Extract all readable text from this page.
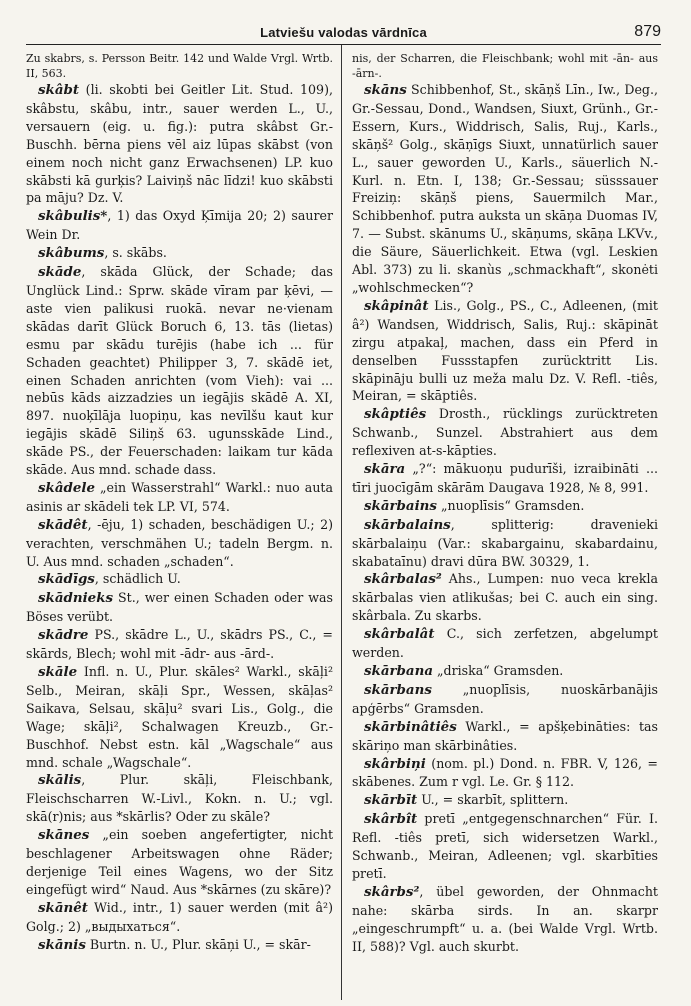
Latviešu valodas vārdnīca	879

Zu skabrs, s. Persson Beitr. 142 und Walde Vrgl. Wrtb. II, 563.

skâbt (li. skobti bei Geitler Lit. Stud. 109), skâbstu, skâbu, intr., sauer werden L., U., versauern (eig. u. fig.): putra skâbst Gr.-Buschh. bērna piens vēl aiz lūpas skābst (von einem noch nicht ganz Erwachsenen) LP. kuo skābsti kā gurķis? Laiviņš nāc līdzi! kuo skābsti pa māju? Dz. V.

skâbulis*, 1) das Oxyd Ķīmija 20; 2) saurer Wein Dr.

skâbums, s. skābs.

skāde, skāda Glück, der Schade; das Unglück Lind.: Sprw. skāde vīram par ķēvi, — aste vien palikusi ruokā. nevar ne·vienam skādas darīt Glück Boruch 6, 13. tās (lietas) esmu par skādu turējis (habe ich ... für Schaden geachtet) Philipper 3, 7. skādē iet, einen Schaden anrichten (vom Vieh): vai ... nebūs kāds aizzadzies un iegājis skādē A. XI, 897. nuoķīlāja luopiņu, kas nevīlšu kaut kur iegājis skādē Siliņš 63. ugunsskāde Lind., skāde PS., der Feuerschaden: laikam tur kāda skāde. Aus mnd. schade dass.

skâdele „ein Wasserstrahl“ Warkl.: nuo auta asinis ar skādeli tek LP. VI, 574.

skādêt, -ēju, 1) schaden, beschädigen U.; 2) verachten, verschmähen U.; tadeln Bergm. n. U. Aus mnd. schaden „schaden“.

skādīgs, schädlich U.

skādnieks St., wer einen Schaden oder was Böses verübt.

skādre PS., skādre L., U., skādrs PS., C., = skārds, Blech; wohl mit -ādr- aus -ārd-.

skāle Infl. n. U., Plur. skāles² Warkl., skāļi² Selb., Meiran, skāļi Spr., Wessen, skāļas² Saikava, Selsau, skāļu² svari Lis., Golg., die Wage; skāļi², Schalwagen Kreuzb., Gr.-Buschhof. Nebst estn. kāl „Wagschale“ aus mnd. schale „Wagschale“.

skālis, Plur. skāļi, Fleischbank, Fleischscharren W.-Livl., Kokn. n. U.; vgl. skā(r)nis; aus *skārlis? Oder zu skāle?

skānes „ein soeben angefertigter, nicht beschlagener Arbeitswagen ohne Räder; derjenige Teil eines Wagens, wo der Sitz eingefügt wird“ Naud. Aus *skārnes (zu skāre)?

skānêt Wid., intr., 1) sauer werden (mit â²) Golg.; 2) „выдыхаться“.

skānis Burtn. n. U., Plur. skāņi U., = skār-

nis, der Scharren, die Fleischbank; wohl mit -ān- aus -ārn-.

skāns Schibbenhof, St., skāņš Līn., Iw., Deg., Gr.-Sessau, Dond., Wandsen, Siuxt, Grünh., Gr.-Essern, Kurs., Widdrisch, Salis, Ruj., Karls., skāņš² Golg., skāņīgs Siuxt, unnatürlich sauer L., sauer geworden U., Karls., säuerlich N.-Kurl. n. Etn. I, 138; Gr.-Sessau; süsssauer Freiziņ: skāņš piens, Sauermilch Mar., Schibbenhof. putra auksta un skāņa Duomas IV, 7. — Subst. skānums U., skāņums, skāņa LKVv., die Säure, Säuerlichkeit. Etwa (vgl. Leskien Abl. 373) zu li. skanùs „schmackhaft“, skonėti „wohlschmecken“?

skâpinât Lis., Golg., PS., C., Adleenen, (mit â²) Wandsen, Widdrisch, Salis, Ruj.: skāpināt zirgu atpakaļ, machen, dass ein Pferd in denselben Fussstapfen zurücktritt Lis. skāpināju bulli uz meža malu Dz. V. Refl. -tiês, Meiran, = skāptiês.

skâptiês Drosth., rücklings zurücktreten Schwanb., Sunzel. Abstrahiert aus dem reflexiven at-s-kāpties.

skāra „?“: mākuoņu pudurīši, izraibināti ... tīri juocīgām skārām Daugava 1928, № 8, 991.

skārbains „nuoplīsis“ Gramsden.

skārbalains, splitterig: dravenieki skārbalaiņu (Var.: skabargainu, skabardainu, skabataīnu) dravi dūra BW. 30329, 1.

skârbalas² Ahs., Lumpen: nuo veca krekla skārbalas vien atlikušas; bei C. auch ein sing. skârbala. Zu skarbs.

skârbalât C., sich zerfetzen, abgelumpt werden.

skārbana „driska“ Gramsden.

skārbans „nuoplīsis, nuoskārbanājis apģērbs“ Gramsden.

skārbinâtiês Warkl., = apšķebināties: tas skāriņo man skārbinâties.

skârbiņi (nom. pl.) Dond. n. FBR. V, 126, = skābenes. Zum r vgl. Le. Gr. § 112.

skārbīt U., = skarbīt, splittern.

skârbît pretī „entgegenschnarchen“ Für. I. Refl. -tiês pretī, sich widersetzen Warkl., Schwanb., Meiran, Adleenen; vgl. skarbīties pretī.

skârbs², übel geworden, der Ohnmacht nahe: skārba sirds. In an. skarpr „eingeschrumpft“ u. a. (bei Walde Vrgl. Wrtb. II, 588)? Vgl. auch skurbt.
